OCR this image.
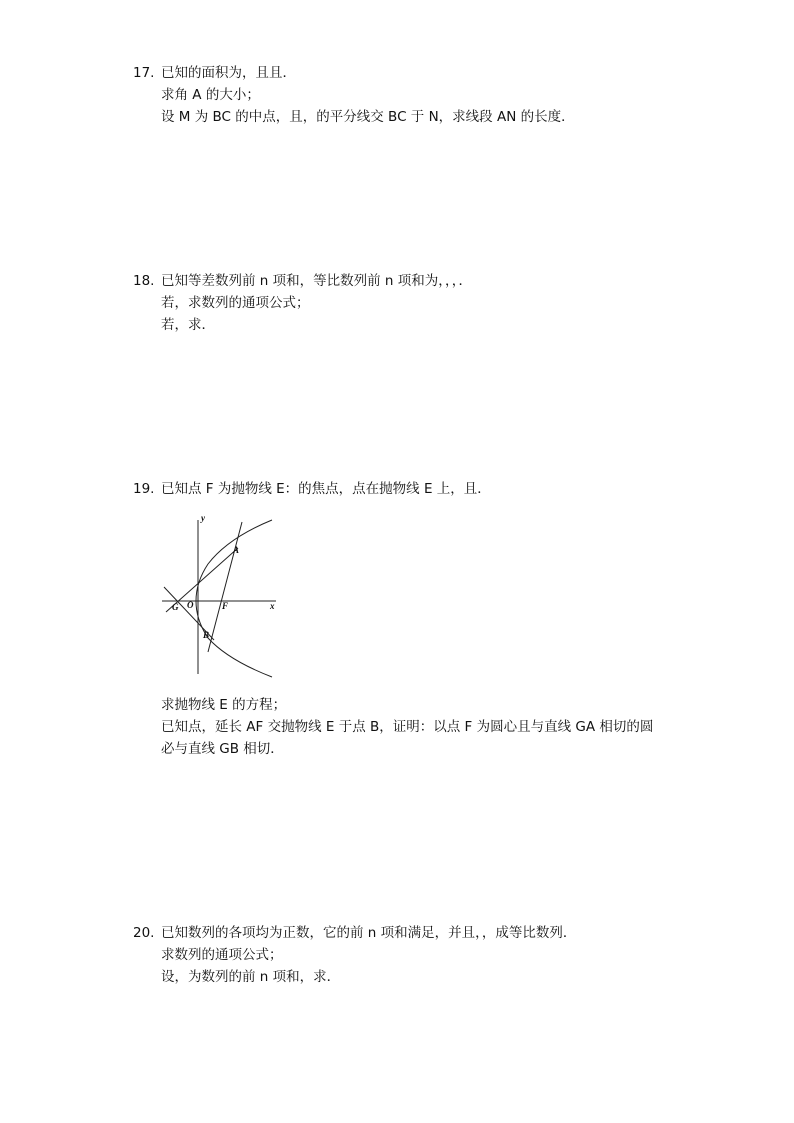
17. 已知的面积为，且且．
求角 A 的大小；
设 M 为 BC 的中点，且，的平分线交 BC 于 N，求线段 AN 的长度．
18. 已知等差数列前 n 项和，等比数列前 n 项和为，，，．
若，求数列的通项公式；
若，求．
19. 已知点 F 为抛物线 E：的焦点，点在抛物线 E 上，且．
求抛物线 E 的方程；
已知点，延长 AF 交抛物线 E 于点 B，证明：以点 F 为圆心且与直线 GA 相切的圆
必与直线 GB 相切．
y
x
A
B
O	F
G
20. 已知数列的各项均为正数，它的前 n 项和满足，并且，，成等比数列．
求数列的通项公式；
设，为数列的前 n 项和，求．
